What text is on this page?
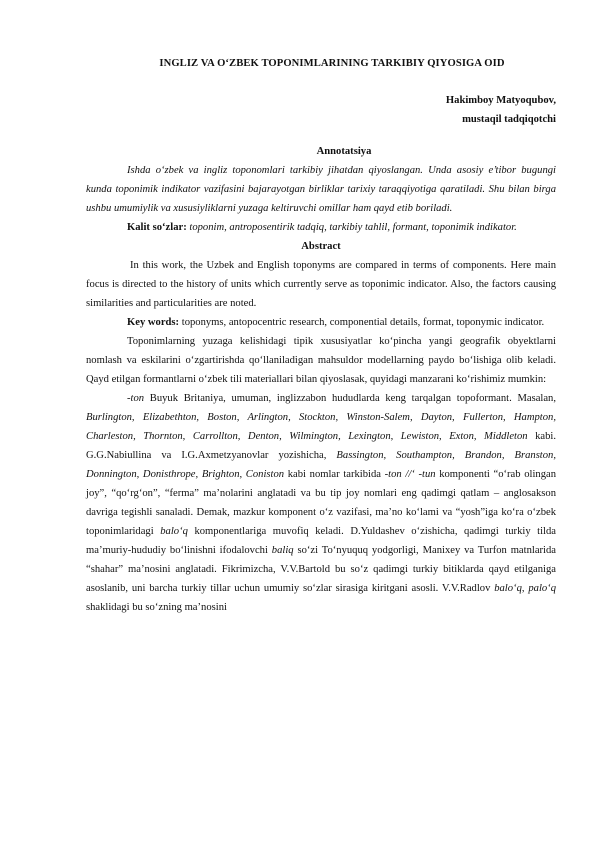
INGLIZ VA O‘ZBEK TOPONIMLARINING TARKIBIY QIYOSIGA OID
Hakimboy Matyoqubov,
mustaqil tadqiqotchi
Annotatsiya

Ishda o‘zbek va ingliz toponomlari tarkibiy jihatdan qiyoslangan. Unda asosiy e’tibor bugungi kunda toponimik indikator vazifasini bajarayotgan birliklar tarixiy taraqqiyotiga qaratiladi. Shu bilan birga ushbu umumiylik va xususiyliklarni yuzaga keltiruvchi omillar ham qayd etib boriladi.

Kalit so‘zlar: toponim, antroposentirik tadqiq, tarkibiy tahlil, formant, toponimik indikator.

Abstract

In this work, the Uzbek and English toponyms are compared in terms of components. Here main focus is directed to the history of units which currently serve as toponimic indicator. Also, the factors causing similarities and particularities are noted.

Key words: toponyms, antopocentric research, componential details, format, toponymic indicator.

Toponimlarning yuzaga kelishidagi tipik xususiyatlar ko‘pincha yangi geografik obyektlarni nomlash va eskilarini o‘zgartirishda qo‘llaniladigan mahsuldor modellarning paydo bo‘lishiga olib keladi. Qayd etilgan formantlarni o‘zbek tili materiallari bilan qiyoslasak, quyidagi manzarani ko‘rishimiz mumkin:

-ton Buyuk Britaniya, umuman, inglizzabon hududlarda keng tarqalgan topoformant. Masalan, Burlington, Elizabethton, Boston, Arlington, Stockton, Winston-Salem, Dayton, Fullerton, Hampton, Charleston, Thornton, Carrollton, Denton, Wilmington, Lexington, Lewiston, Exton, Middleton kabi. G.G.Nabiullina va I.G.Axmetzyanovlar yozishicha, Bassington, Southampton, Brandon, Branston, Donnington, Donisthrope, Brighton, Coniston kabi nomlar tarkibida -ton //‘ -tun komponenti “o‘rab olingan joy”, “qo‘rg‘on”, “ferma” ma’nolarini anglatadi va bu tip joy nomlari eng qadimgi qatlam – anglosakson davriga tegishli sanaladi. Demak, mazkur komponent o‘z vazifasi, ma’no ko‘lami va “yosh”iga ko‘ra o‘zbek toponimlaridagi balo‘q komponentlariga muvofiq keladi. D.Yuldashev o‘zishicha, qadimgi turkiy tilda ma’muriy-hududiy bo‘linishni ifodalovchi baliq so‘zi To‘nyuquq yodgorligi, Manixey va Turfon matnlarida “shahar” ma’nosini anglatadi. Fikrimizcha, V.V.Bartold bu so‘z qadimgi turkiy bitiklarda qayd etilganiga asoslanib, uni barcha turkiy tillar uchun umumiy so‘zlar sirasiga kiritgani asosli. V.V.Radlov balo‘q, palo‘q shaklidagi bu so‘zning ma’nosini
